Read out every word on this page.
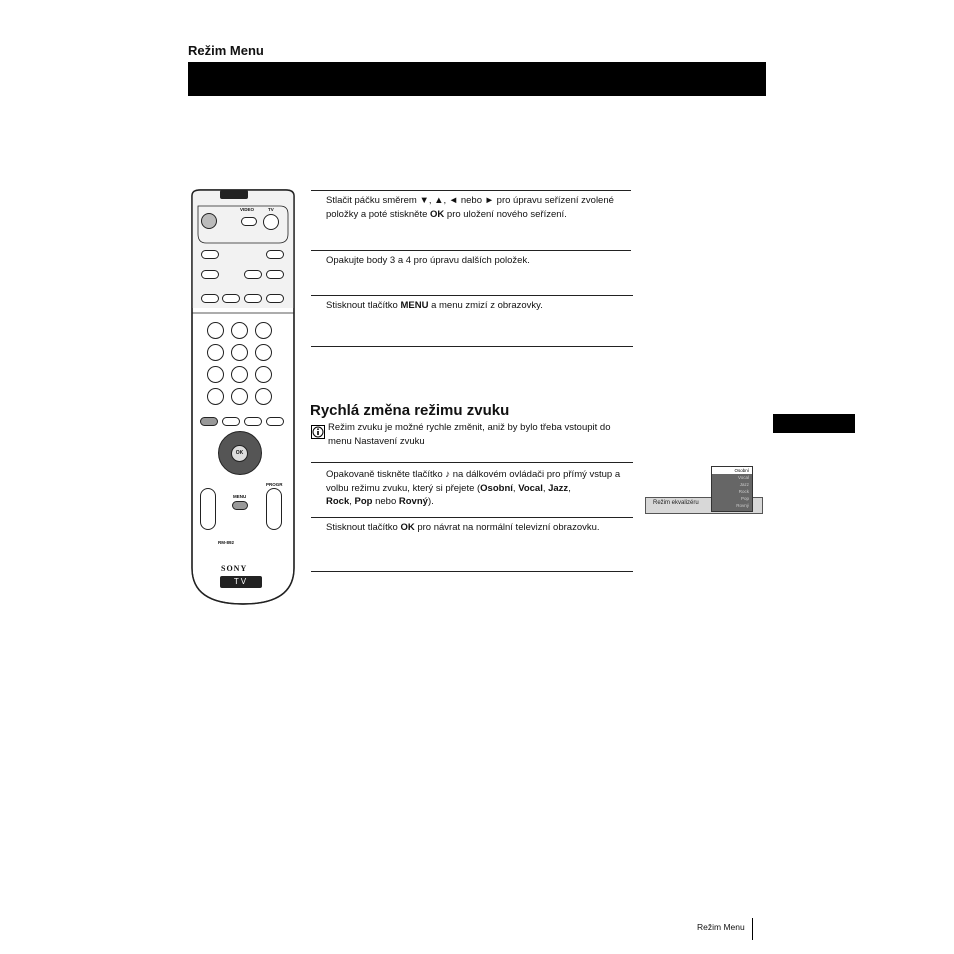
Režim Menu
VIDEO	TV
OK
MENU
PROGR
RM-892
SONY
TV
Stlačit páčku směrem ▼, ▲, ◄ nebo ► pro úpravu seřízení zvolené položky a poté stiskněte OK pro uložení nového seřízení.
Opakujte body 3 a 4 pro úpravu dalších položek.
Stisknout tlačítko MENU a menu zmizí z obrazovky.
Rychlá změna režimu zvuku
Režim zvuku je možné rychle změnit, aniž by bylo třeba vstoupit do menu Nastavení zvuku
Opakovaně tiskněte tlačítko ♪ na dálkovém ovládači pro přímý vstup a volbu režimu zvuku, který si přejete (Osobní, Vocal, Jazz,
Rock, Pop nebo Rovný).
Stisknout tlačítko OK pro návrat na normální televizní obrazovku.
Režim ekvalizéru
Osobní
Vocal
Jazz
Rock
Pop
Rovný
Režim Menu
